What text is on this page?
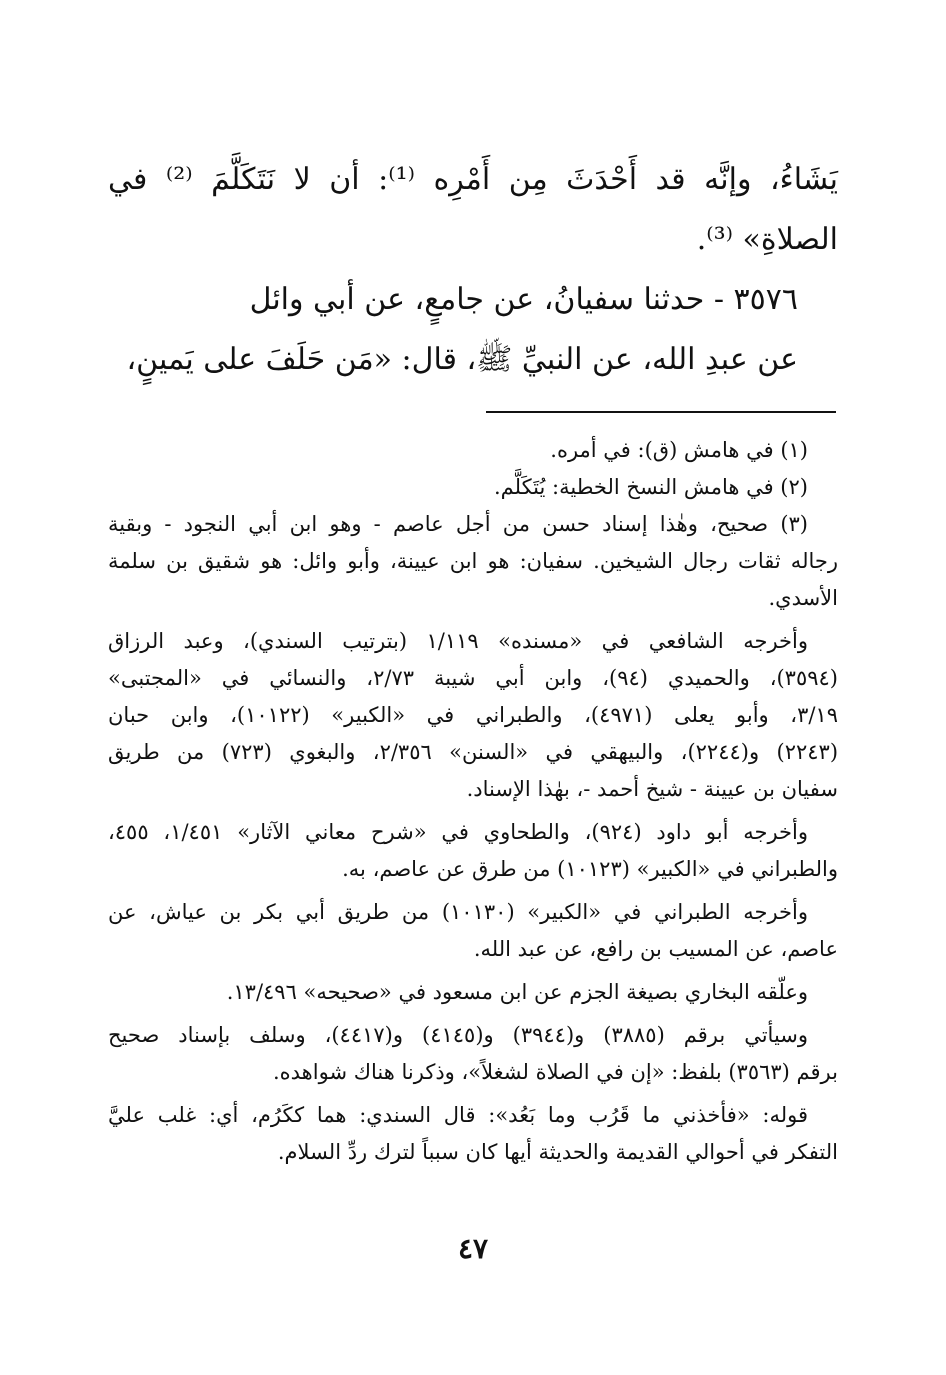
يَشَاءُ، وإنَّه قد أَحْدَثَ مِن أَمْرِه ⁽¹⁾: أن لا نَتَكَلَّمَ ⁽²⁾ في

الصلاةِ» ⁽³⁾.

٣٥٧٦ - حدثنا سفيانُ، عن جامعٍ، عن أبي وائل

عن عبدِ الله، عن النبيِّ ﷺ، قال: «مَن حَلَفَ على يَمينٍ،

(١) في هامش (ق): في أمره.

(٢) في هامش النسخ الخطية: يُتَكَلَّم.

(٣) صحيح، وهٰذا إسناد حسن من أجل عاصم - وهو ابن أبي النجود - وبقية

رجاله ثقات رجال الشيخين. سفيان: هو ابن عيينة، وأبو وائل: هو شقيق بن سلمة

الأسدي.

وأخرجه الشافعي في «مسنده» ١/١١٩ (بترتيب السندي)، وعبد الرزاق

(٣٥٩٤)، والحميدي (٩٤)، وابن أبي شيبة ٢/٧٣، والنسائي في «المجتبى»

٣/١٩، وأبو يعلى (٤٩٧١)، والطبراني في «الكبير» (١٠١٢٢)، وابن حبان

(٢٢٤٣) و(٢٢٤٤)، والبيهقي في «السنن» ٢/٣٥٦، والبغوي (٧٢٣) من طريق

سفيان بن عيينة - شيخ أحمد -، بهٰذا الإسناد.

وأخرجه أبو داود (٩٢٤)، والطحاوي في «شرح معاني الآثار» ١/٤٥١، ٤٥٥،

والطبراني في «الكبير» (١٠١٢٣) من طرق عن عاصم، به.

وأخرجه الطبراني في «الكبير» (١٠١٣٠) من طريق أبي بكر بن عياش، عن

عاصم، عن المسيب بن رافع، عن عبد الله.

وعلّقه البخاري بصيغة الجزم عن ابن مسعود في «صحيحه» ١٣/٤٩٦.

وسيأتي برقم (٣٨٨٥) و(٣٩٤٤) و(٤١٤٥) و(٤٤١٧)، وسلف بإسناد صحيح

برقم (٣٥٦٣) بلفظ: «إن في الصلاة لشغلاً»، وذكرنا هناك شواهده.

قوله: «فأخذني ما قَرُب وما بَعُد»: قال السندي: هما ككَرُم، أي: غلب عليَّ

التفكر في أحوالي القديمة والحديثة أيها كان سبباً لترك ردِّ السلام.

٤٧
